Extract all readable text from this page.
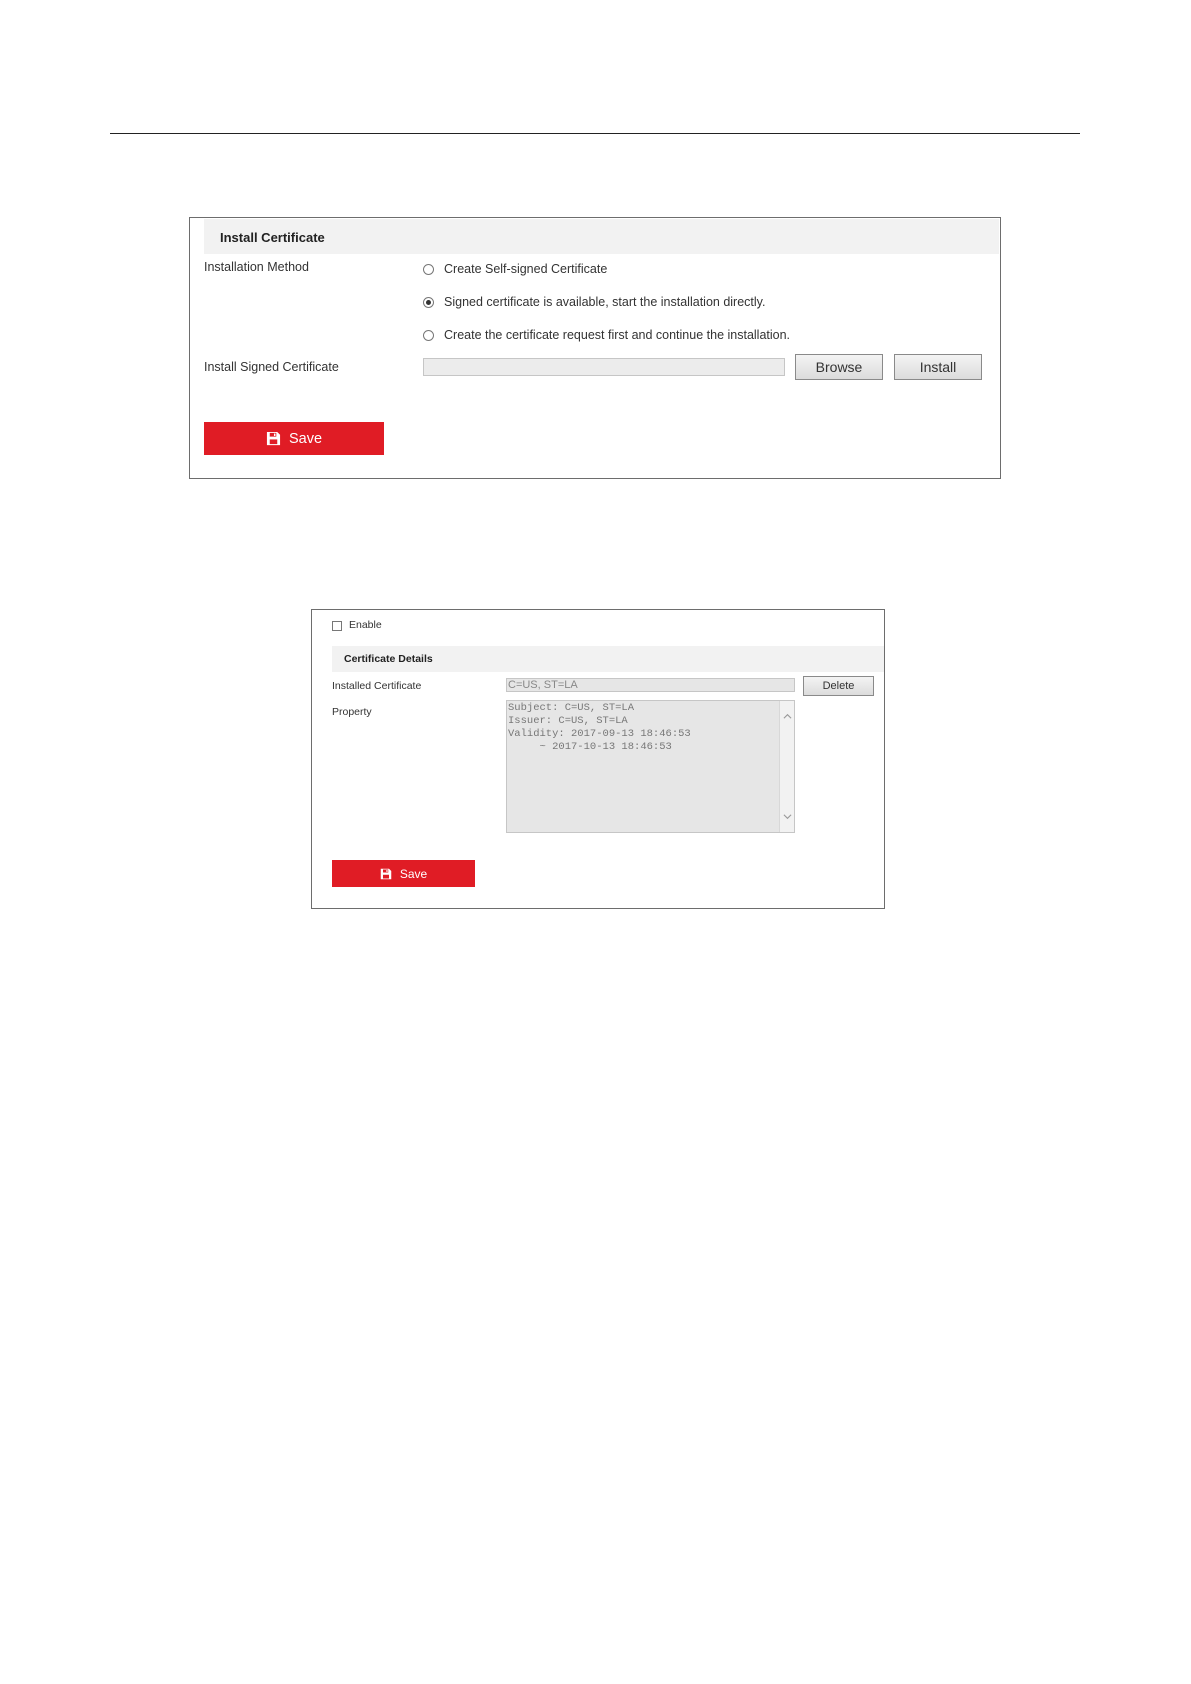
Install Certificate
Installation Method	Create Self-signed Certificate
Signed certificate is available, start the installation directly.
Create the certificate request first and continue the installation.
Install Signed Certificate	Browse	Install
Save
Enable
Certificate Details
Installed Certificate	C=US, ST=LA	Delete
Property	Subject: C=US, ST=LA
Issuer: C=US, ST=LA
Validity: 2017-09-13 18:46:53
~ 2017-10-13 18:46:53
Save
